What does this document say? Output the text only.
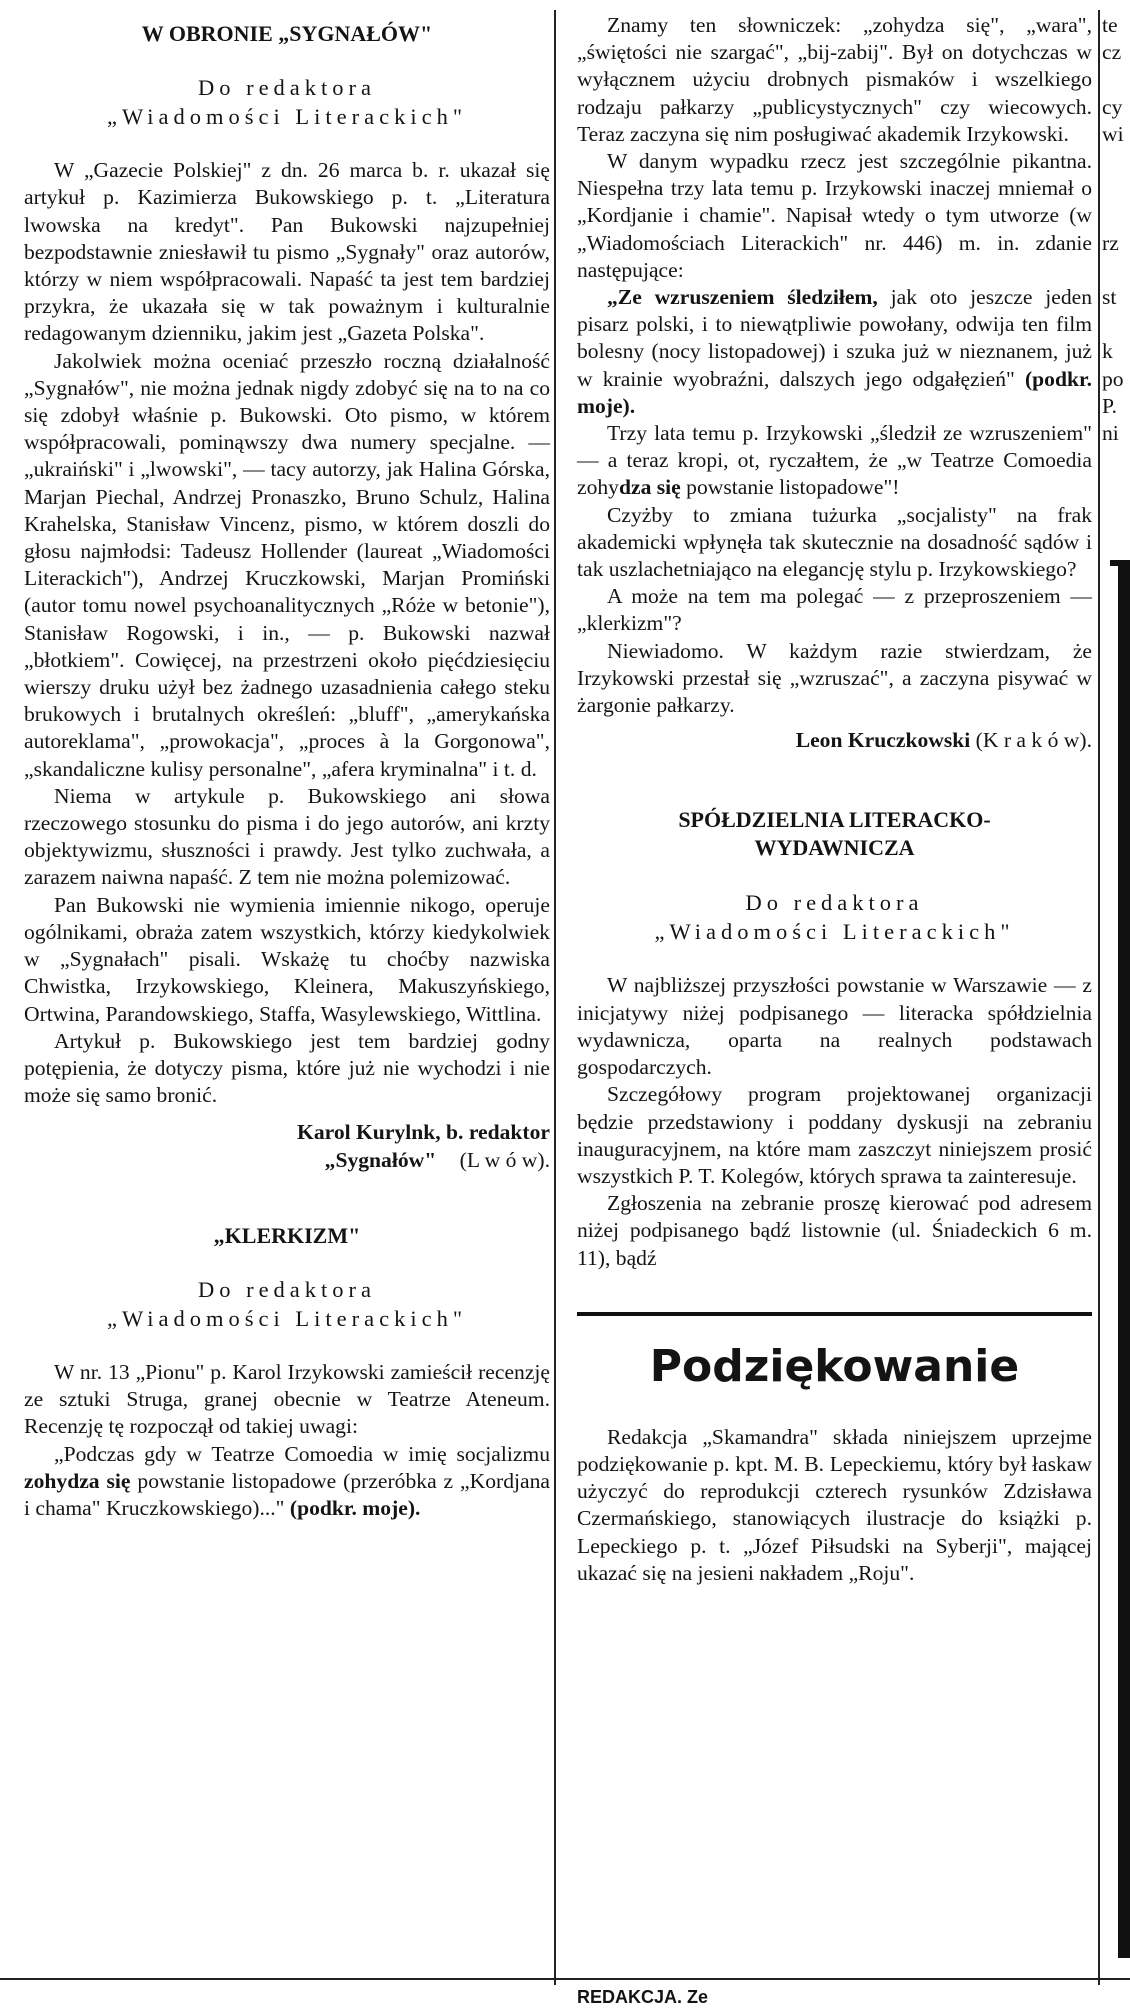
W OBRONIE „SYGNAŁÓW"

Do redaktora
„Wiadomości Literackich"

W „Gazecie Polskiej" z dn. 26 marca b. r. ukazał się artykuł p. Kazimierza Bukowskiego p. t. „Literatura lwowska na kredyt". Pan Bukowski najzupełniej bezpodstawnie zniesławił tu pismo „Sygnały" oraz autorów, którzy w niem współpracowali. Napaść ta jest tem bardziej przykra, że ukazała się w tak poważnym i kulturalnie redagowanym dzienniku, jakim jest „Gazeta Polska".

Jakolwiek można oceniać przeszło roczną działalność „Sygnałów", nie można jednak nigdy zdobyć się na to na co się zdobył właśnie p. Bukowski. Oto pismo, w którem współpracowali, pominąwszy dwa numery specjalne. — „ukraiński" i „lwowski", — tacy autorzy, jak Halina Górska, Marjan Piechal, Andrzej Pronaszko, Bruno Schulz, Halina Krahelska, Stanisław Vincenz, pismo, w którem doszli do głosu najmłodsi: Tadeusz Hollender (laureat „Wiadomości Literackich"), Andrzej Kruczkowski, Marjan Promiński (autor tomu nowel psychoanalitycznych „Róże w betonie"), Stanisław Rogowski, i in., — p. Bukowski nazwał „błotkiem". Cowięcej, na przestrzeni około pięćdziesięciu wierszy druku użył bez żadnego uzasadnienia całego steku brukowych i brutalnych określeń: „bluff", „amerykańska autoreklama", „prowokacja", „proces à la Gorgonowa", „skandaliczne kulisy personalne", „afera kryminalna" i t. d.

Niema w artykule p. Bukowskiego ani słowa rzeczowego stosunku do pisma i do jego autorów, ani krzty objektywizmu, słuszności i prawdy. Jest tylko zuchwała, a zarazem naiwna napaść. Z tem nie można polemizować.

Pan Bukowski nie wymienia imiennie nikogo, operuje ogólnikami, obraża zatem wszystkich, którzy kiedykolwiek w „Sygnałach" pisali. Wskażę tu choćby nazwiska Chwistka, Irzykowskiego, Kleinera, Makuszyńskiego, Ortwina, Parandowskiego, Staffa, Wasylewskiego, Wittlina.

Artykuł p. Bukowskiego jest tem bardziej godny potępienia, że dotyczy pisma, które już nie wychodzi i nie może się samo bronić.

Karol Kurylnk, b. redaktor
„Sygnałów" (L w ó w).

„KLERKIZM"

Do redaktora
„Wiadomości Literackich"

W nr. 13 „Pionu" p. Karol Irzykowski zamieścił recenzję ze sztuki Struga, granej obecnie w Teatrze Ateneum. Recenzję tę rozpoczął od takiej uwagi:

„Podczas gdy w Teatrze Comoedia w imię socjalizmu zohydza się powstanie listopadowe (przeróbka z „Kordjana i chama" Kruczkowskiego)..." (podkr. moje).

Znamy ten słowniczek: „zohydza się", „wara", „świętości nie szargać", „bij-zabij". Był on dotychczas w wyłącznem użyciu drobnych pismaków i wszelkiego rodzaju pałkarzy „publicystycznych" czy wiecowych. Teraz zaczyna się nim posługiwać akademik Irzykowski.

W danym wypadku rzecz jest szczególnie pikantna. Niespełna trzy lata temu p. Irzykowski inaczej mniemał o „Kordjanie i chamie". Napisał wtedy o tym utworze (w „Wiadomościach Literackich" nr. 446) m. in. zdanie następujące:

„Ze wzruszeniem śledziłem, jak oto jeszcze jeden pisarz polski, i to niewątpliwie powołany, odwija ten film bolesny (nocy listopadowej) i szuka już w nieznanem, już w krainie wyobraźni, dalszych jego odgałęzień" (podkr. moje).

Trzy lata temu p. Irzykowski „śledził ze wzruszeniem" — a teraz kropi, ot, ryczałtem, że „w Teatrze Comoedia zohydza się powstanie listopadowe"!

Czyżby to zmiana tużurka „socjalisty" na frak akademicki wpłynęła tak skutecznie na dosadność sądów i tak uszlachetniająco na elegancję stylu p. Irzykowskiego?

A może na tem ma polegać — z przeproszeniem — „klerkizm"?

Niewiadomo. W każdym razie stwierdzam, że Irzykowski przestał się „wzruszać", a zaczyna pisywać w żargonie pałkarzy.

Leon Kruczkowski (K r a k ó w).

SPÓŁDZIELNIA LITERACKO-WYDAWNICZA

Do redaktora
„Wiadomości Literackich"

W najbliższej przyszłości powstanie w Warszawie — z inicjatywy niżej podpisanego — literacka spółdzielnia wydawnicza, oparta na realnych podstawach gospodarczych.

Szczegółowy program projektowanej organizacji będzie przedstawiony i poddany dyskusji na zebraniu inauguracyjnem, na które mam zaszczyt niniejszem prosić wszystkich P. T. Kolegów, których sprawa ta zainteresuje.

Zgłoszenia na zebranie proszę kierować pod adresem niżej podpisanego bądź listownie (ul. Śniadeckich 6 m. 11), bądź

Podziękowanie

Redakcja „Skamandra" składa niniejszem uprzejme podziękowanie p. kpt. M. B. Lepeckiemu, który był łaskaw użyczyć do reprodukcji czterech rysunków Zdzisława Czermańskiego, stanowiących ilustracje do książki p. Lepeckiego p. t. „Józef Piłsudski na Syberji", mającej ukazać się na jesieni nakładem „Roju".

te
cz

cy
wi

rz

st

k
po
P.
ni
REDAKCJA. Ze
